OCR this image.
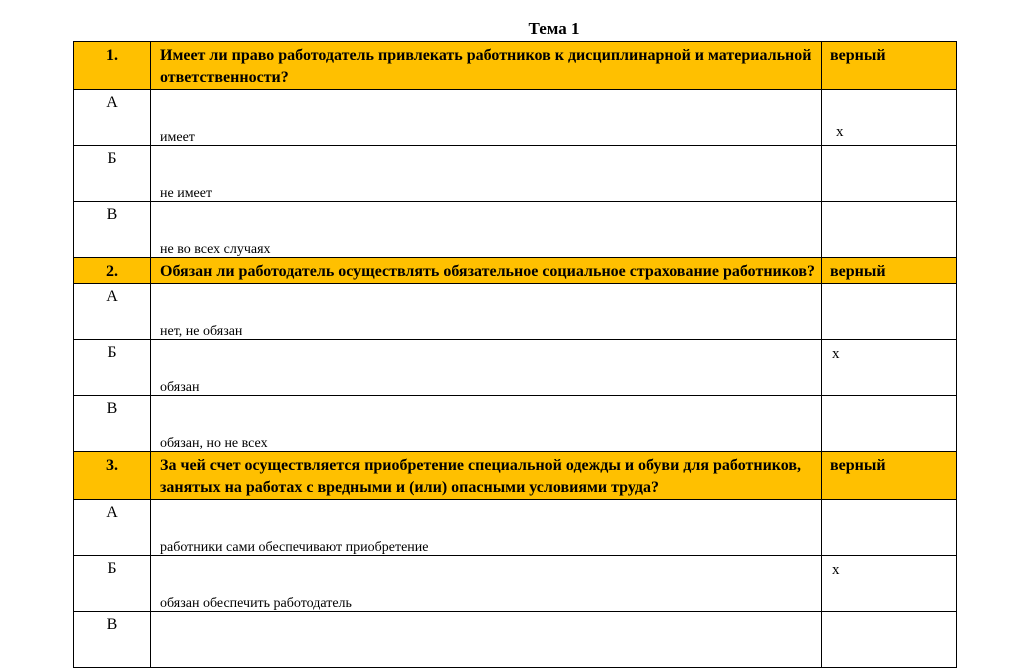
Тема 1
1.	Имеет ли право работодатель привлекать работников к дисциплинарной и материальной ответственности?	верный
А	имеет	х

Б	не имеет	

В	не во всех случаях	

2.	Обязан ли работодатель осуществлять обязательное социальное страхование работников?	верный
А	нет, не обязан	

Б	обязан	х

В	обязан, но не всех	

3.	За чей счет осуществляется приобретение специальной одежды и обуви для работников, занятых на работах с вредными и (или) опасными условиями труда?	верный
А	работники сами обеспечивают приобретение	

Б	обязан обеспечить работодатель	х

В	
